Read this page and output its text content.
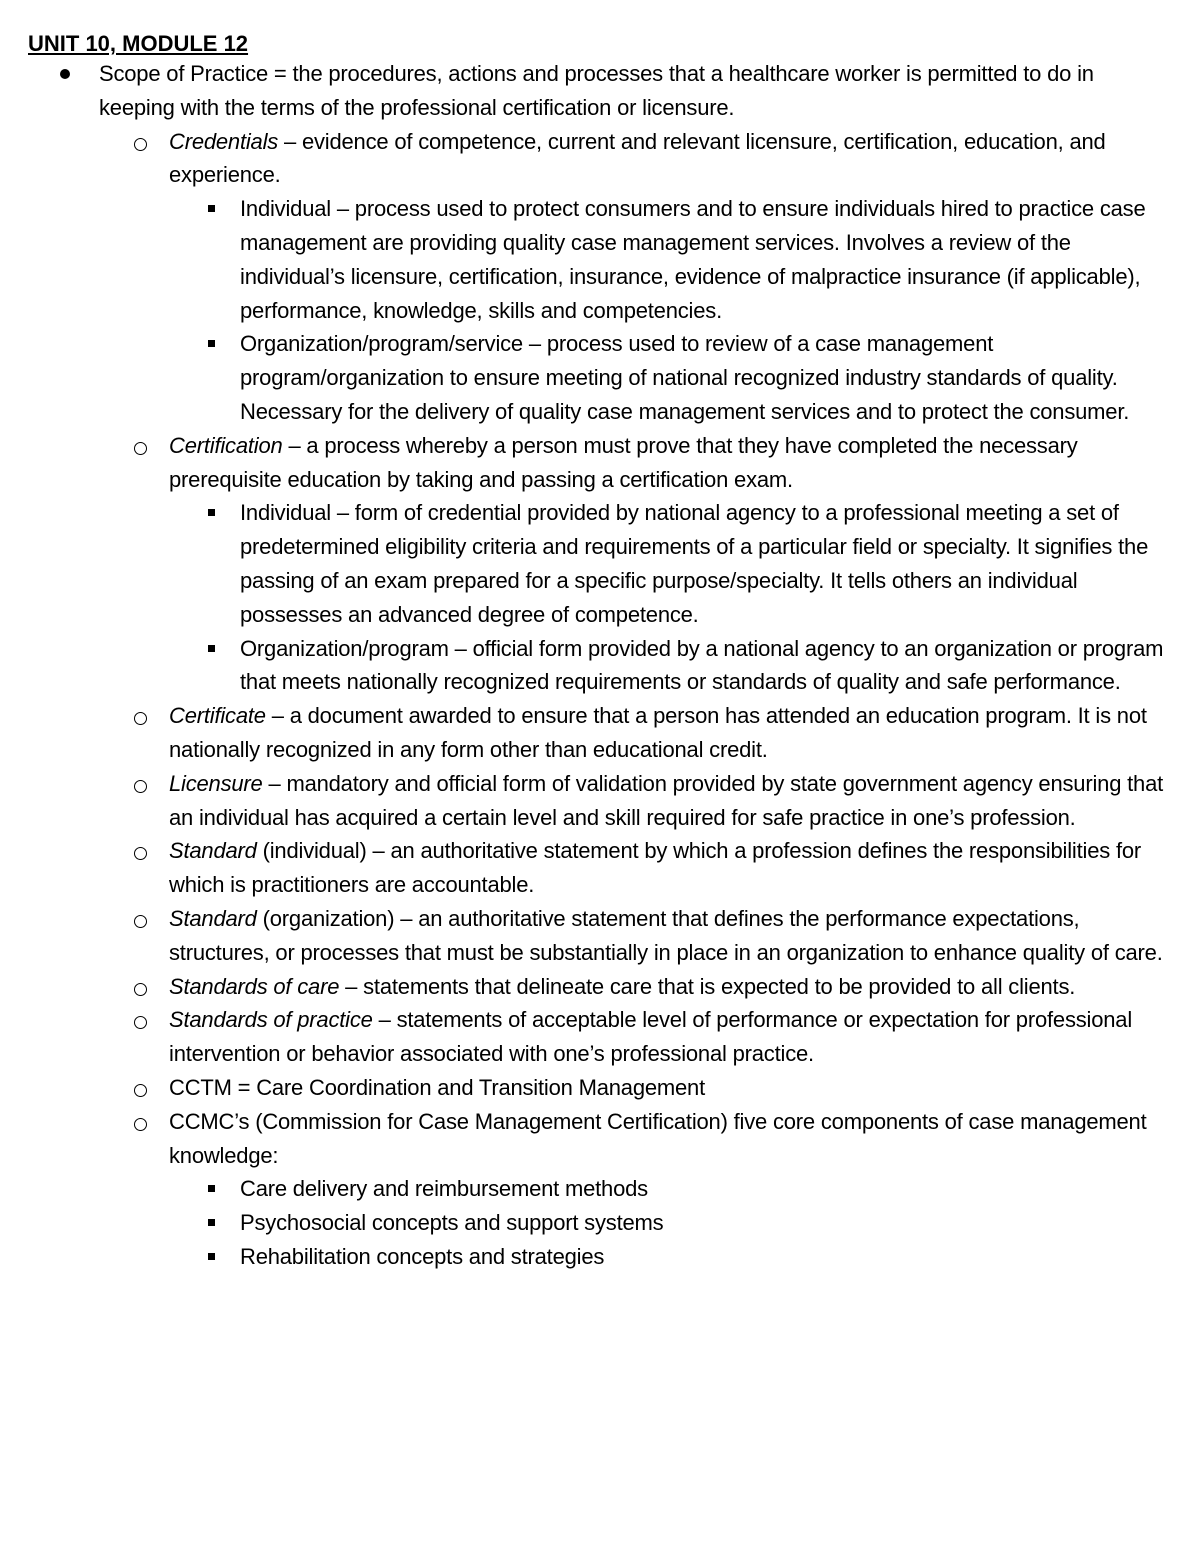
UNIT 10, MODULE 12
Scope of Practice = the procedures, actions and processes that a healthcare worker is permitted to do in keeping with the terms of the professional certification or licensure.
Credentials – evidence of competence, current and relevant licensure, certification, education, and experience.
Individual – process used to protect consumers and to ensure individuals hired to practice case management are providing quality case management services. Involves a review of the individual’s licensure, certification, insurance, evidence of malpractice insurance (if applicable), performance, knowledge, skills and competencies.
Organization/program/service – process used to review of a case management program/organization to ensure meeting of national recognized industry standards of quality. Necessary for the delivery of quality case management services and to protect the consumer.
Certification – a process whereby a person must prove that they have completed the necessary prerequisite education by taking and passing a certification exam.
Individual – form of credential provided by national agency to a professional meeting a set of predetermined eligibility criteria and requirements of a particular field or specialty. It signifies the passing of an exam prepared for a specific purpose/specialty. It tells others an individual possesses an advanced degree of competence.
Organization/program – official form provided by a national agency to an organization or program that meets nationally recognized requirements or standards of quality and safe performance.
Certificate – a document awarded to ensure that a person has attended an education program. It is not nationally recognized in any form other than educational credit.
Licensure – mandatory and official form of validation provided by state government agency ensuring that an individual has acquired a certain level and skill required for safe practice in one’s profession.
Standard (individual) – an authoritative statement by which a profession defines the responsibilities for which is practitioners are accountable.
Standard (organization) – an authoritative statement that defines the performance expectations, structures, or processes that must be substantially in place in an organization to enhance quality of care.
Standards of care – statements that delineate care that is expected to be provided to all clients.
Standards of practice – statements of acceptable level of performance or expectation for professional intervention or behavior associated with one’s professional practice.
CCTM = Care Coordination and Transition Management
CCMC’s (Commission for Case Management Certification) five core components of case management knowledge:
Care delivery and reimbursement methods
Psychosocial concepts and support systems
Rehabilitation concepts and strategies
